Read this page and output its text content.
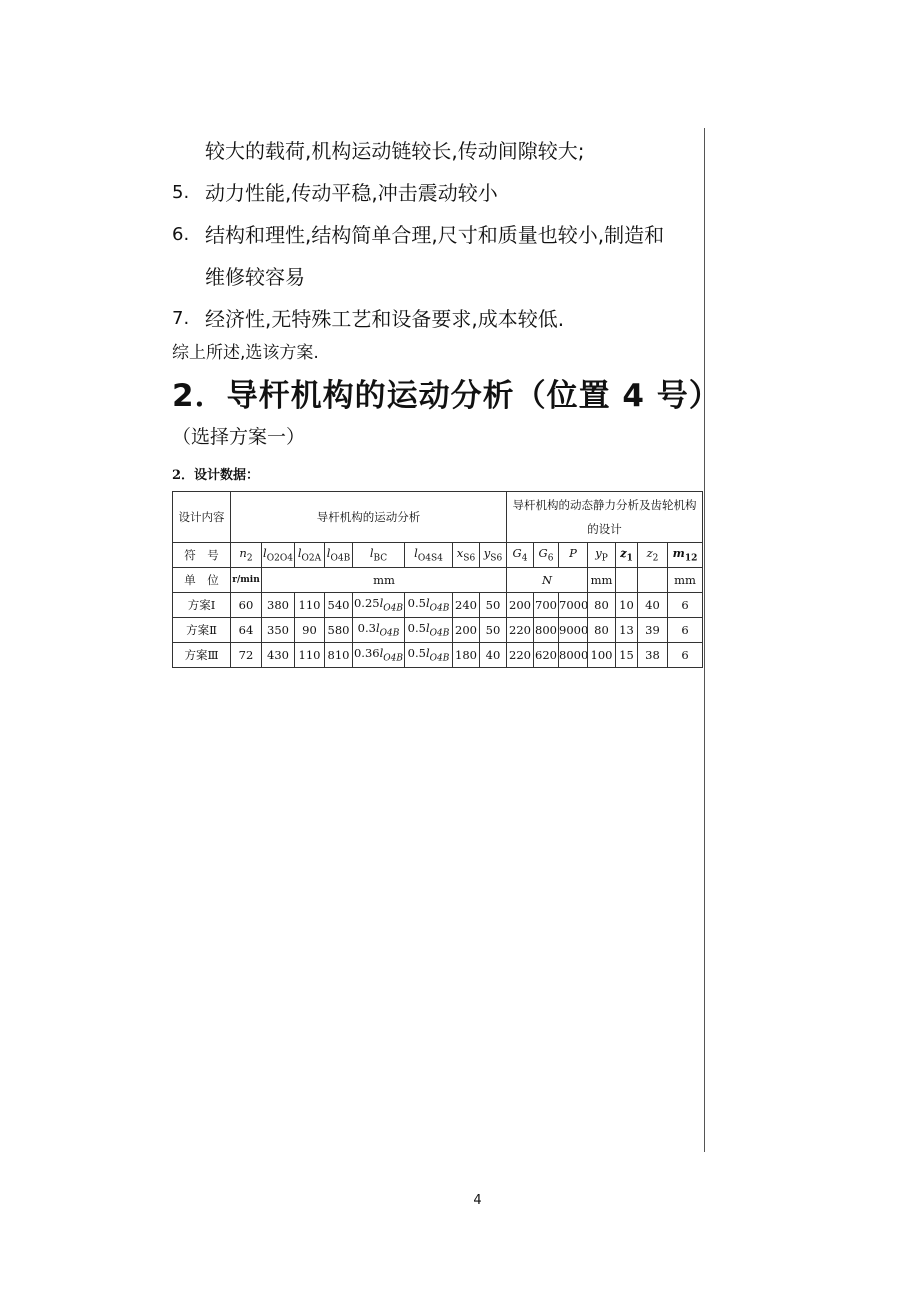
较大的载荷,机构运动链较长,传动间隙较大;
5. 动力性能,传动平稳,冲击震动较小
6. 结构和理性,结构简单合理,尺寸和质量也较小,制造和
维修较容易
7. 经济性,无特殊工艺和设备要求,成本较低.
综上所述,选该方案.
2．导杆机构的运动分析（位置 4 号）
（选择方案一）
2．设计数据：
设计内容	导杆机构的运动分析								导杆机构的动态静力分析及齿轮机构的设计						
符　号	$n_2$	$l_{O2O4}$	$l_{O2A}$	$l_{O4B}$	$l_{BC}$	$l_{O4S4}$	$x_{S6}$	$y_{S6}$	$G_4$	$G_6$	P	$y_P$	$z_1$	$z_2$	$m_{12}$
单　位	r/min	mm							N			mm			mm
方案Ⅰ	60	380	110	540	$0.25l_{O4B}$	$0.5l_{O4B}$	240	50	200	700	7000	80	10	40	6
方案Ⅱ	64	350	90	580	$0.3l_{O4B}$	$0.5l_{O4B}$	200	50	220	800	9000	80	13	39	6
方案Ⅲ	72	430	110	810	$0.36l_{O4B}$	$0.5l_{O4B}$	180	40	220	620	8000	100	15	38	6
4
